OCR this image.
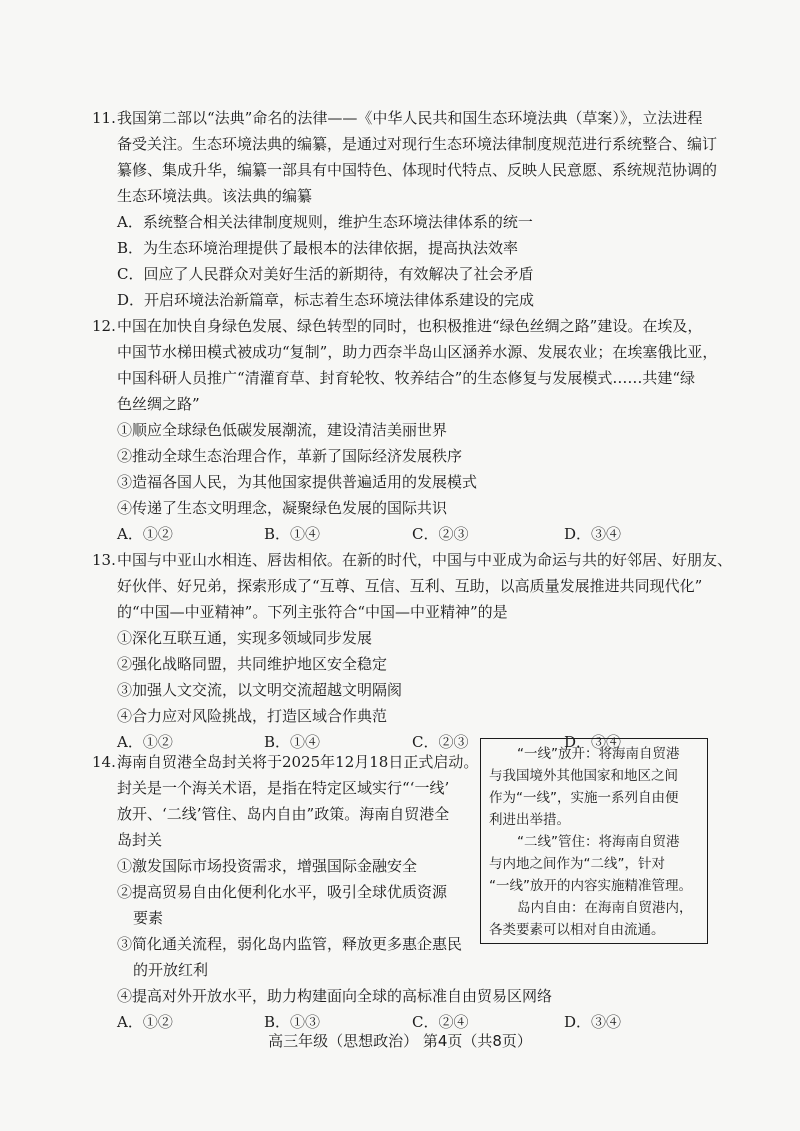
11. 我国第二部以“法典”命名的法律——《中华人民共和国生态环境法典（草案）》，立法进程
备受关注。生态环境法典的编纂，是通过对现行生态环境法律制度规范进行系统整合、编订
纂修、集成升华，编纂一部具有中国特色、体现时代特点、反映人民意愿、系统规范协调的
生态环境法典。该法典的编纂
A．系统整合相关法律制度规则，维护生态环境法律体系的统一
B．为生态环境治理提供了最根本的法律依据，提高执法效率
C．回应了人民群众对美好生活的新期待，有效解决了社会矛盾
D．开启环境法治新篇章，标志着生态环境法律体系建设的完成
12. 中国在加快自身绿色发展、绿色转型的同时，也积极推进“绿色丝绸之路”建设。在埃及，
中国节水梯田模式被成功“复制”，助力西奈半岛山区涵养水源、发展农业；在埃塞俄比亚，
中国科研人员推广“清灌育草、封育轮牧、牧养结合”的生态修复与发展模式……共建“绿
色丝绸之路”
①顺应全球绿色低碳发展潮流，建设清洁美丽世界
②推动全球生态治理合作，革新了国际经济发展秩序
③造福各国人民，为其他国家提供普遍适用的发展模式
④传递了生态文明理念，凝聚绿色发展的国际共识
A．①②	B．①④	C．②③	D．③④
13. 中国与中亚山水相连、唇齿相依。在新的时代，中国与中亚成为命运与共的好邻居、好朋友、
好伙伴、好兄弟，探索形成了“互尊、互信、互利、互助，以高质量发展推进共同现代化”
的“中国—中亚精神”。下列主张符合“中国—中亚精神”的是
①深化互联互通，实现多领域同步发展
②强化战略同盟，共同维护地区安全稳定
③加强人文交流，以文明交流超越文明隔阂
④合力应对风险挑战，打造区域合作典范
A．①②	B．①④	C．②③	D．③④
14. 海南自贸港全岛封关将于2025年12月18日正式启动。
封关是一个海关术语，是指在特定区域实行“‘一线’
放开、‘二线’管住、岛内自由”政策。海南自贸港全
岛封关
①激发国际市场投资需求，增强国际金融安全
②提高贸易自由化便利化水平，吸引全球优质资源
要素
③简化通关流程，弱化岛内监管，释放更多惠企惠民
的开放红利
④提高对外开放水平，助力构建面向全球的高标准自由贸易区网络
A．①②	B．①③	C．②④	D．③④
“一线”放开：将海南自贸港
与我国境外其他国家和地区之间
作为“一线”，实施一系列自由便
利进出举措。
“二线”管住：将海南自贸港
与内地之间作为“二线”，针对
“一线”放开的内容实施精准管理。
岛内自由：在海南自贸港内，
各类要素可以相对自由流通。
高三年级（思想政治） 第4页（共8页）
